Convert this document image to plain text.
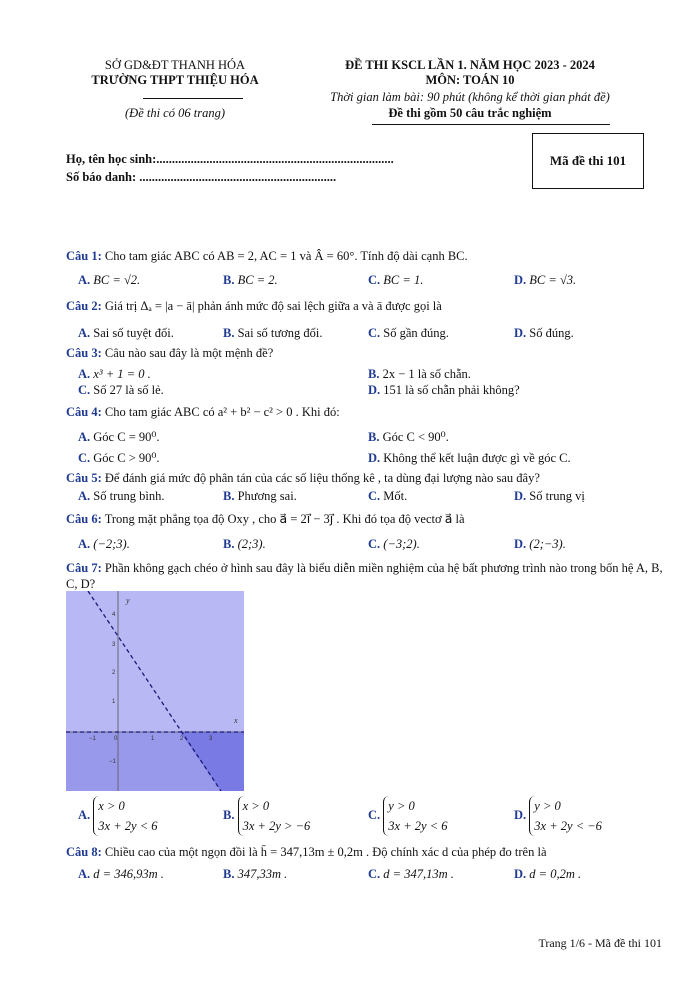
SỞ GD&ĐT THANH HÓA
TRƯỜNG THPT THIỆU HÓA
(Đề thi có 06 trang)
ĐỀ THI KSCL LẦN 1. NĂM HỌC 2023 - 2024
MÔN: TOÁN 10
Thời gian làm bài: 90 phút (không kể thời gian phát đề)
Đề thi gồm 50 câu trắc nghiệm
Họ, tên học sinh:............................................................................
Số báo danh: ...............................................................
Mã đề thi 101
Câu 1: Cho tam giác ABC có AB = 2, AC = 1 và Â = 60°. Tính độ dài cạnh BC.
A. BC = √2.	B. BC = 2.	C. BC = 1.	D. BC = √3.
Câu 2: Giá trị Δₐ = |a − ā| phản ánh mức độ sai lệch giữa a và ā được gọi là
A. Sai số tuyệt đối.	B. Sai số tương đối.	C. Số gần đúng.	D. Số đúng.
Câu 3: Câu nào sau đây là một mệnh đề?
A. x³ + 1 = 0 .	B. 2x − 1 là số chẵn.
C. Số 27 là số lẻ.	D. 151 là số chẵn phải không?
Câu 4: Cho tam giác ABC có a² + b² − c² > 0 . Khi đó:
A. Góc C = 90⁰.	B. Góc C < 90⁰.
C. Góc C > 90⁰.	D. Không thể kết luận được gì về góc C.
Câu 5: Để đánh giá mức độ phân tán của các số liệu thống kê , ta dùng đại lượng nào sau đây?
A. Số trung bình.	B. Phương sai.	C. Mốt.	D. Số trung vị
Câu 6: Trong mặt phẳng tọa độ Oxy , cho a⃗ = 2i⃗ − 3j⃗ . Khi đó tọa độ vectơ a⃗ là
A. (−2;3).	B. (2;3).	C. (−3;2).	D. (2;−3).
Câu 7: Phần không gạch chéo ở hình sau đây là biểu diễn miền nghiệm của hệ bất phương trình nào trong bốn hệ A, B, C, D?
y
x
4
3
2
1
−1
−1	0	1	2	3
A. x > 0
3x + 2y < 6
B. x > 0
3x + 2y > −6
C. y > 0
3x + 2y < 6
D. y > 0
3x + 2y < −6
Câu 8: Chiều cao của một ngọn đồi là h̄ = 347,13m ± 0,2m . Độ chính xác d của phép đo trên là
A. d = 346,93m .	B. 347,33m .	C. d = 347,13m .	D. d = 0,2m .
Trang 1/6 - Mã đề thi 101
